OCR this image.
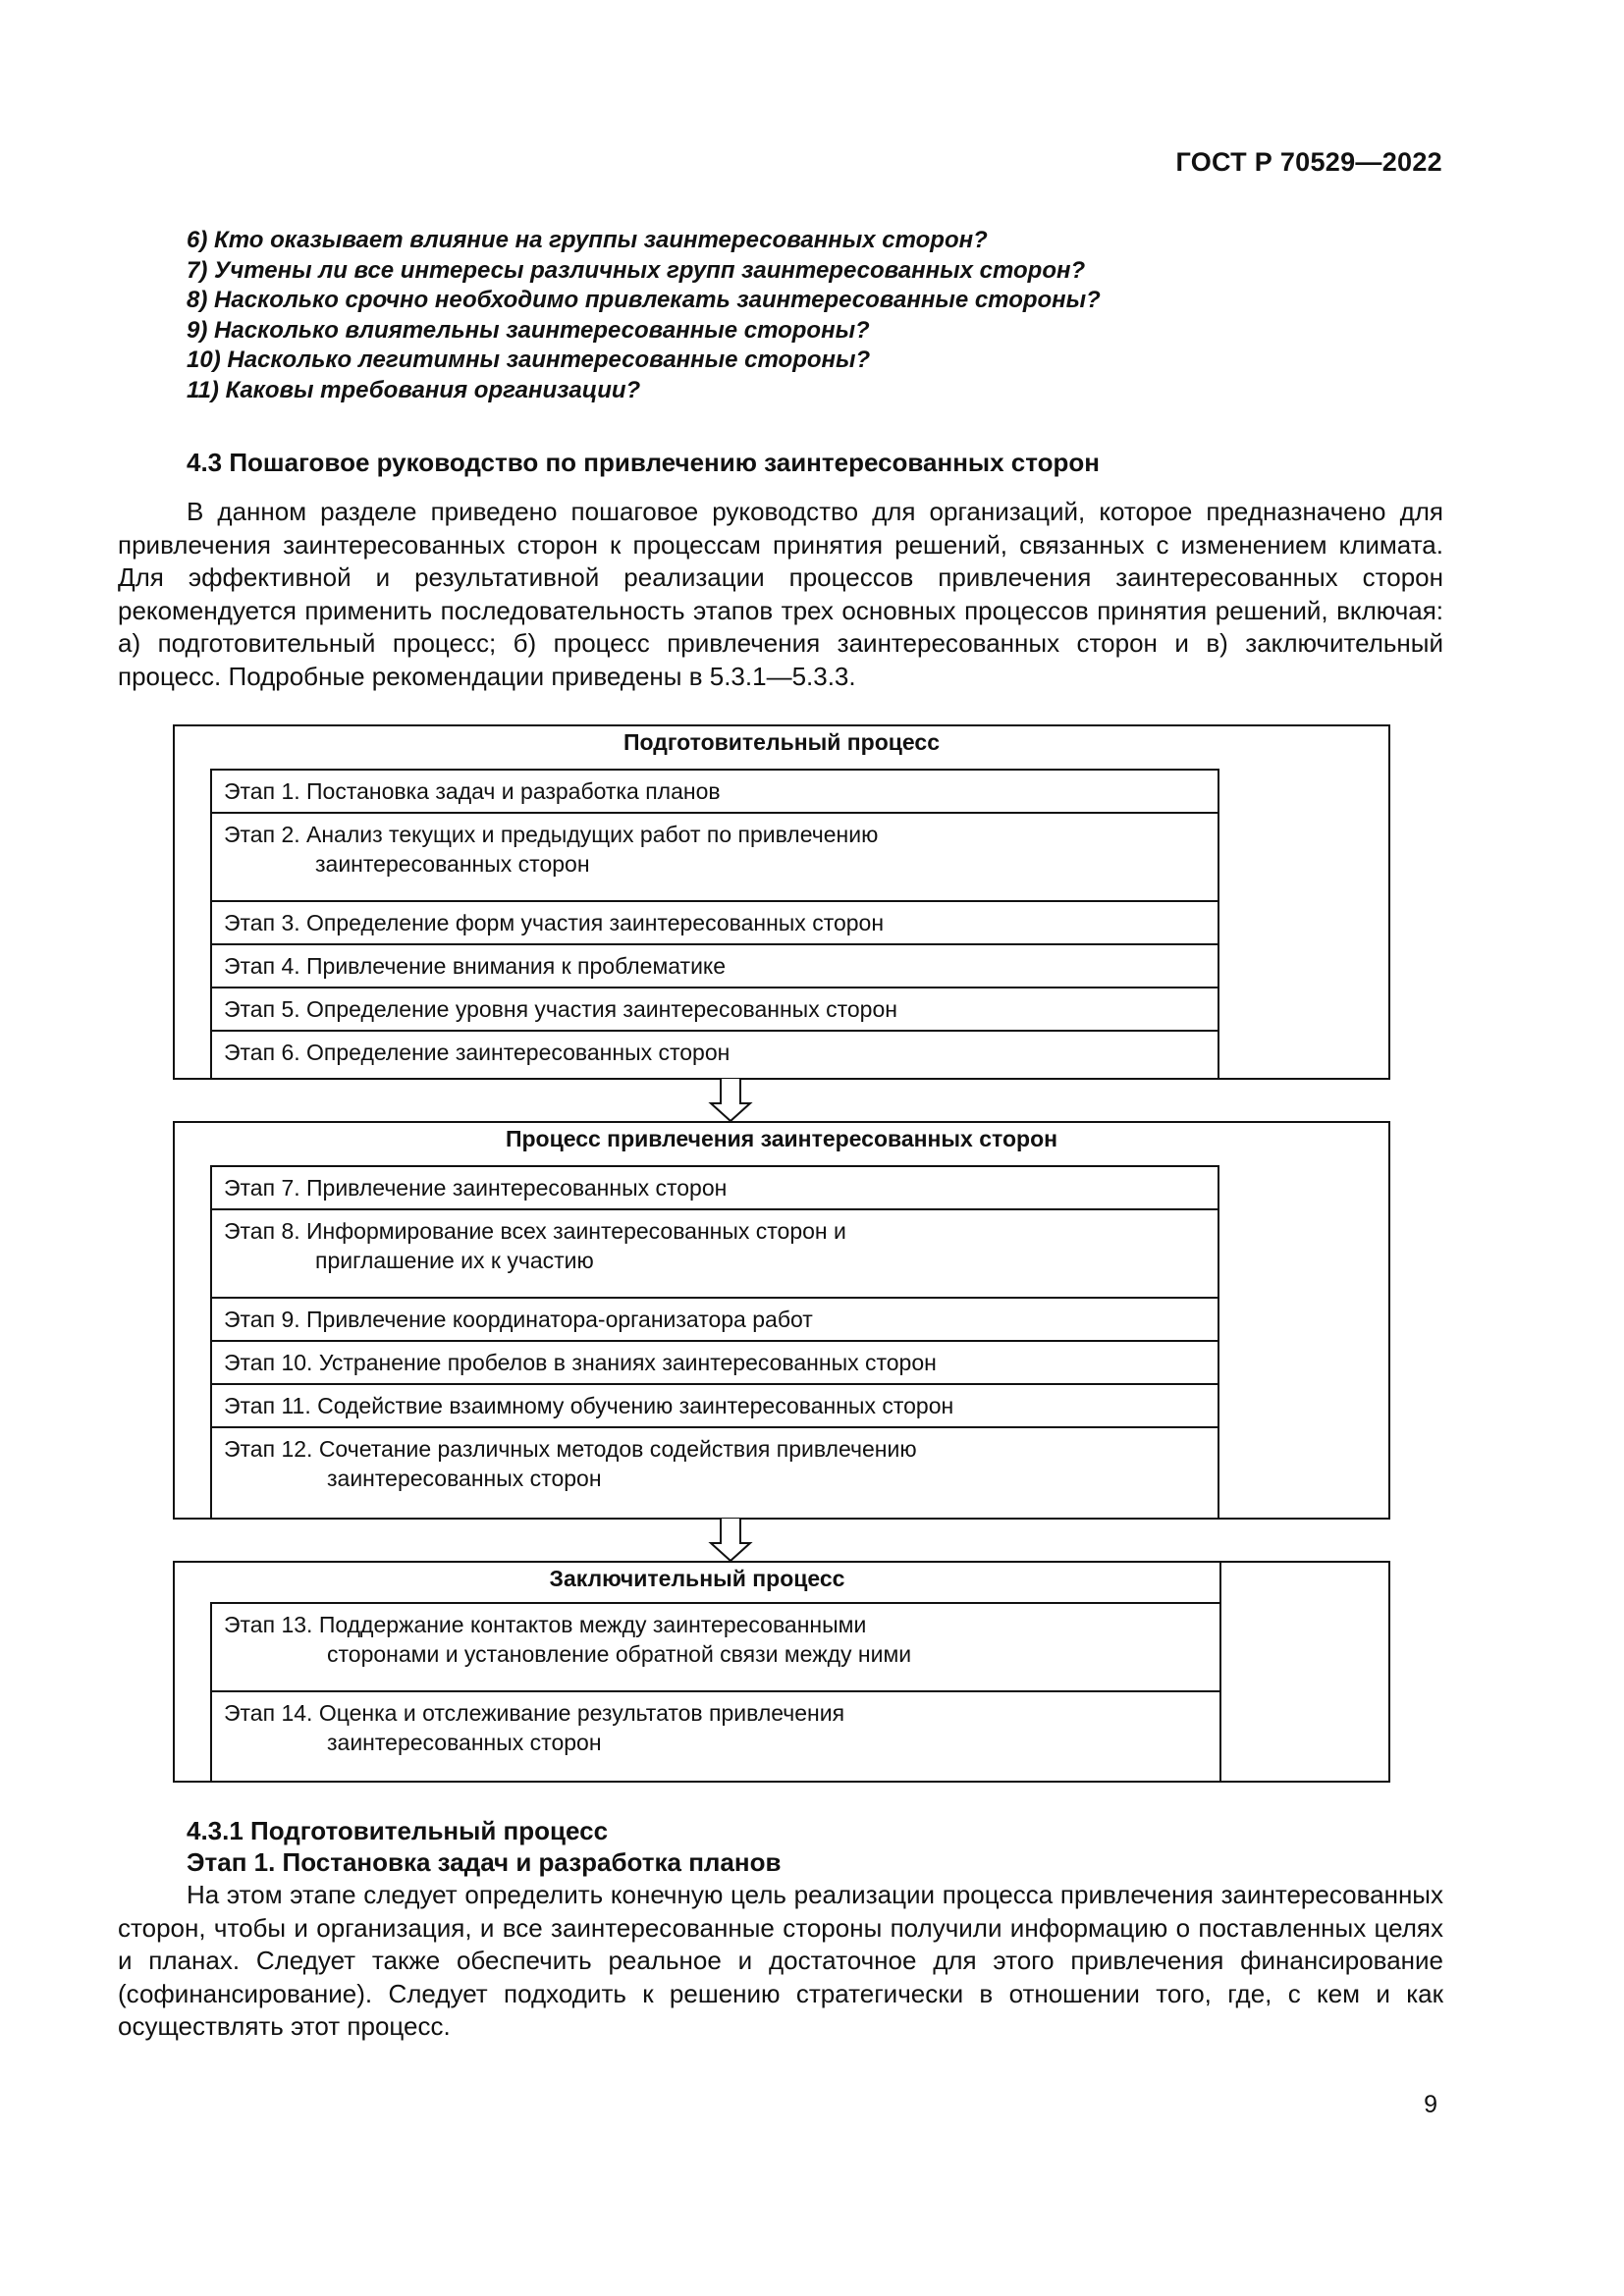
ГОСТ Р 70529—2022
6) Кто оказывает влияние на группы заинтересованных сторон?
7) Учтены ли все интересы различных групп заинтересованных сторон?
8) Насколько срочно необходимо привлекать заинтересованные стороны?
9) Насколько влиятельны заинтересованные стороны?
10) Насколько легитимны заинтересованные стороны?
11) Каковы требования организации?
4.3 Пошаговое руководство по привлечению заинтересованных сторон
В данном разделе приведено пошаговое руководство для организаций, которое предназначено для привлечения заинтересованных сторон к процессам принятия решений, связанных с изменением климата. Для эффективной и результативной реализации процессов привлечения заинтересованных сторон рекомендуется применить последовательность этапов трех основных процессов принятия решений, включая: а) подготовительный процесс; б) процесс привлечения заинтересованных сторон и в) заключительный процесс. Подробные рекомендации приведены в 5.3.1—5.3.3.
Подготовительный процесс
Этап 1. Постановка задач и разработка планов
Этап 2. Анализ текущих и предыдущих работ по привлечению
заинтересованных сторон
Этап 3. Определение форм участия заинтересованных сторон
Этап 4. Привлечение внимания к проблематике
Этап 5. Определение уровня участия заинтересованных сторон
Этап 6. Определение заинтересованных сторон
Процесс привлечения заинтересованных сторон
Этап 7. Привлечение заинтересованных сторон
Этап 8. Информирование всех заинтересованных сторон и
приглашение их к участию
Этап 9. Привлечение координатора-организатора работ
Этап 10. Устранение пробелов в знаниях заинтересованных сторон
Этап 11. Содействие взаимному обучению заинтересованных сторон
Этап 12. Сочетание различных методов содействия привлечению
заинтересованных сторон
Заключительный процесс
Этап 13. Поддержание контактов между заинтересованными
сторонами и установление обратной связи между ними
Этап 14. Оценка и отслеживание результатов привлечения
заинтересованных сторон
4.3.1 Подготовительный процесс
Этап 1. Постановка задач и разработка планов
На этом этапе следует определить конечную цель реализации процесса привлечения заинтересованных сторон, чтобы и организация, и все заинтересованные стороны получили информацию о поставленных целях и планах. Следует также обеспечить реальное и достаточное для этого привлечения финансирование (софинансирование). Следует подходить к решению стратегически в отношении того, где, с кем и как осуществлять этот процесс.
9
